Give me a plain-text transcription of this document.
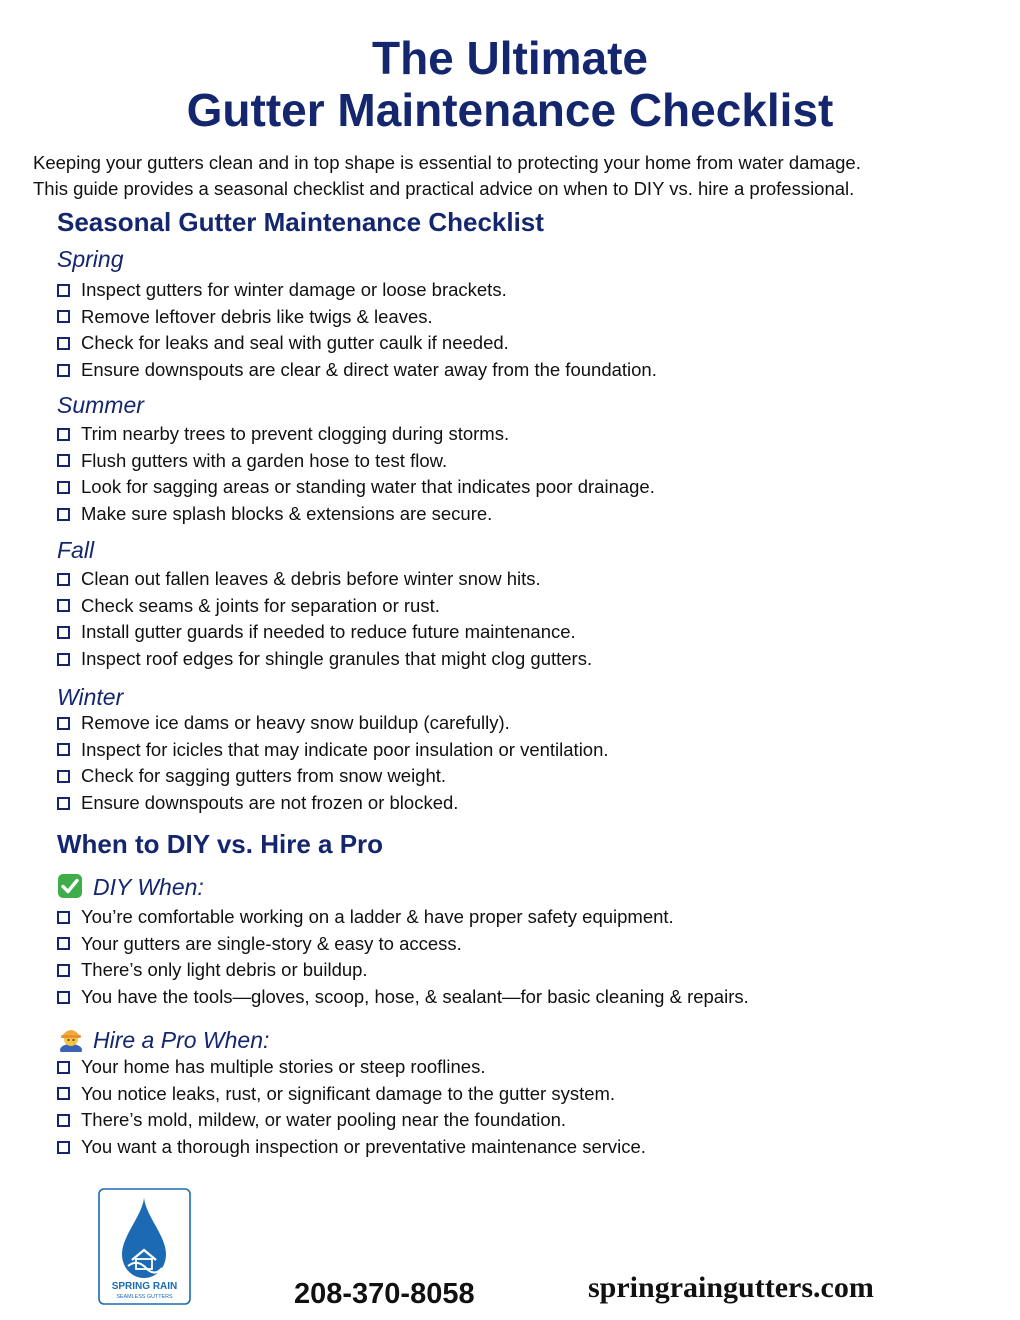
The Ultimate
Gutter Maintenance Checklist
Keeping your gutters clean and in top shape is essential to protecting your home from water damage.
This guide provides a seasonal checklist and practical advice on when to DIY vs. hire a professional.
Seasonal Gutter Maintenance Checklist
Spring
Inspect gutters for winter damage or loose brackets.
Remove leftover debris like twigs & leaves.
Check for leaks and seal with gutter caulk if needed.
Ensure downspouts are clear & direct water away from the foundation.
Summer
Trim nearby trees to prevent clogging during storms.
Flush gutters with a garden hose to test flow.
Look for sagging areas or standing water that indicates poor drainage.
Make sure splash blocks & extensions are secure.
Fall
Clean out fallen leaves & debris before winter snow hits.
Check seams & joints for separation or rust.
Install gutter guards if needed to reduce future maintenance.
Inspect roof edges for shingle granules that might clog gutters.
Winter
Remove ice dams or heavy snow buildup (carefully).
Inspect for icicles that may indicate poor insulation or ventilation.
Check for sagging gutters from snow weight.
Ensure downspouts are not frozen or blocked.
When to DIY vs. Hire a Pro
DIY When:
You’re comfortable working on a ladder & have proper safety equipment.
Your gutters are single-story & easy to access.
There’s only light debris or buildup.
You have the tools—gloves, scoop, hose, & sealant—for basic cleaning & repairs.
Hire a Pro When:
Your home has multiple stories or steep rooflines.
You notice leaks, rust, or significant damage to the gutter system.
There’s mold, mildew, or water pooling near the foundation.
You want a thorough inspection or preventative maintenance service.
SPRING RAIN
SEAMLESS GUTTERS	208-370-8058	springraingutters.com
